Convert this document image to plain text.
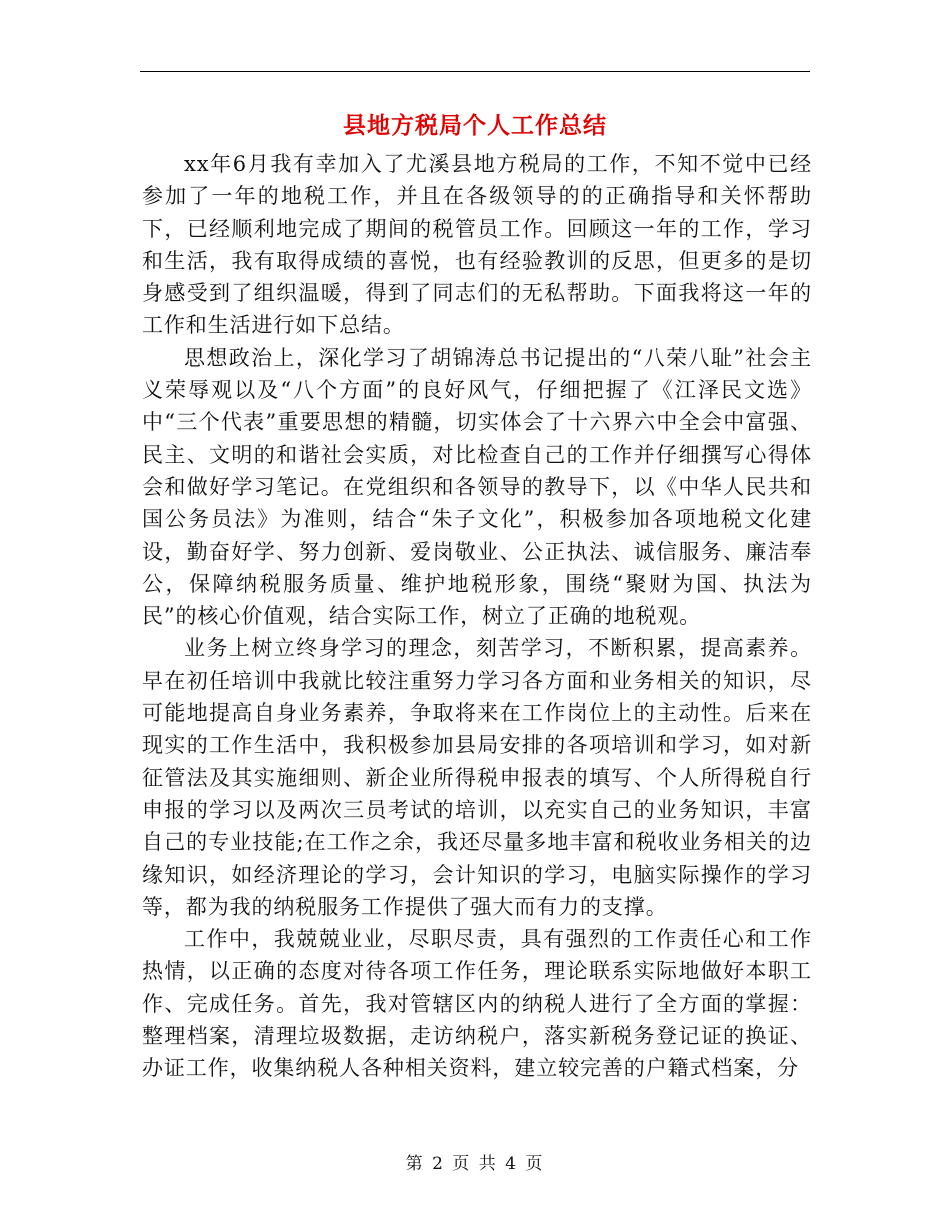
县地方税局个人工作总结

xx年6月我有幸加入了尤溪县地方税局的工作，不知不觉中已经参加了一年的地税工作，并且在各级领导的的正确指导和关怀帮助下，已经顺利地完成了期间的税管员工作。回顾这一年的工作，学习和生活，我有取得成绩的喜悦，也有经验教训的反思，但更多的是切身感受到了组织温暖，得到了同志们的无私帮助。下面我将这一年的工作和生活进行如下总结。

思想政治上，深化学习了胡锦涛总书记提出的“八荣八耻”社会主义荣辱观以及“八个方面”的良好风气，仔细把握了《江泽民文选》中“三个代表”重要思想的精髓，切实体会了十六界六中全会中富强、民主、文明的和谐社会实质，对比检查自己的工作并仔细撰写心得体会和做好学习笔记。在党组织和各领导的教导下，以《中华人民共和国公务员法》为准则，结合“朱子文化”，积极参加各项地税文化建设，勤奋好学、努力创新、爱岗敬业、公正执法、诚信服务、廉洁奉公，保障纳税服务质量、维护地税形象，围绕“聚财为国、执法为民”的核心价值观，结合实际工作，树立了正确的地税观。

业务上树立终身学习的理念，刻苦学习，不断积累，提高素养。早在初任培训中我就比较注重努力学习各方面和业务相关的知识，尽可能地提高自身业务素养，争取将来在工作岗位上的主动性。后来在现实的工作生活中，我积极参加县局安排的各项培训和学习，如对新征管法及其实施细则、新企业所得税申报表的填写、个人所得税自行申报的学习以及两次三员考试的培训，以充实自己的业务知识，丰富自己的专业技能;在工作之余，我还尽量多地丰富和税收业务相关的边缘知识，如经济理论的学习，会计知识的学习，电脑实际操作的学习等，都为我的纳税服务工作提供了强大而有力的支撑。

工作中，我兢兢业业，尽职尽责，具有强烈的工作责任心和工作热情，以正确的态度对待各项工作任务，理论联系实际地做好本职工作、完成任务。首先，我对管辖区内的纳税人进行了全方面的掌握：整理档案，清理垃圾数据，走访纳税户，落实新税务登记证的换证、办证工作，收集纳税人各种相关资料，建立较完善的户籍式档案，分

第 2 页 共 4 页
